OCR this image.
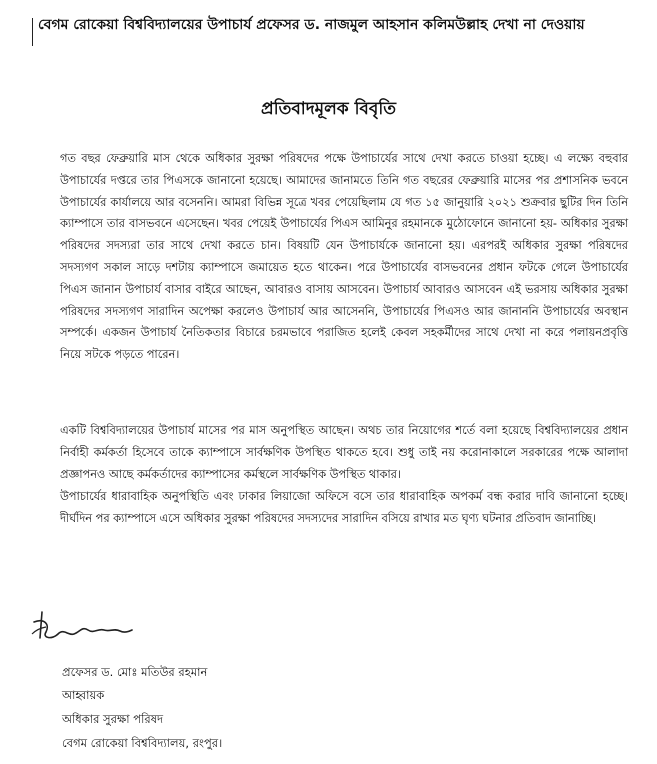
বেগম রোকেয়া বিশ্ববিদ্যালয়ের উপাচার্য প্রফেসর ড. নাজমুল আহসান কলিমউল্লাহ দেখা না দেওয়ায়
প্রতিবাদমূলক বিবৃতি

গত বছর ফেব্রুয়ারি মাস থেকে অধিকার সুরক্ষা পরিষদের পক্ষে উপাচার্যের সাথে দেখা করতে চাওয়া হচ্ছে। এ লক্ষ্যে বহুবার উপাচার্যের দপ্তরে তার পিএসকে জানানো হয়েছে। আমাদের জানামতে তিনি গত বছরের ফেব্রুয়ারি মাসের পর প্রশাসনিক ভবনে উপাচার্যের কার্যালয়ে আর বসেননি। আমরা বিভিন্ন সূত্রে খবর পেয়েছিলাম যে গত ১৫ জানুয়ারি ২০২১ শুক্রবার ছুটির দিন তিনি ক্যাম্পাসে তার বাসভবনে এসেছেন। খবর পেয়েই উপাচার্যের পিএস আমিনুর রহমানকে মুঠোফোনে জানানো হয়- অধিকার সুরক্ষা পরিষদের সদস্যরা তার সাথে দেখা করতে চান। বিষয়টি যেন উপাচার্যকে জানানো হয়। এরপরই অধিকার সুরক্ষা পরিষদের সদস্যগণ সকাল সাড়ে দশটায় ক্যাম্পাসে জমায়েত হতে থাকেন। পরে উপাচার্যের বাসভবনের প্রধান ফটকে গেলে উপাচার্যের পিএস জানান উপাচার্য বাসার বাইরে আছেন, আবারও বাসায় আসবেন। উপাচার্য আবারও আসবেন এই ভরসায় অধিকার সুরক্ষা পরিষদের সদস্যগণ সারাদিন অপেক্ষা করলেও উপাচার্য আর আসেননি, উপাচার্যের পিএসও আর জানাননি উপাচার্যের অবস্থান সম্পর্কে। একজন উপাচার্য নৈতিকতার বিচারে চরমভাবে পরাজিত হলেই কেবল সহকর্মীদের সাথে দেখা না করে পলায়নপ্রবৃত্তি নিয়ে সটকে পড়তে পারেন।

একটি বিশ্ববিদ্যালয়ের উপাচার্য মাসের পর মাস অনুপস্থিত আছেন। অথচ তার নিয়োগের শর্তে বলা হয়েছে বিশ্ববিদ্যালয়ের প্রধান নির্বাহী কর্মকর্তা হিসেবে তাকে ক্যাম্পাসে সার্বক্ষণিক উপস্থিত থাকতে হবে। শুধু তাই নয় করোনাকালে সরকারের পক্ষে আলাদা প্রজ্ঞাপনও আছে কর্মকর্তাদের ক্যাম্পাসের কর্মস্থলে সার্বক্ষণিক উপস্থিত থাকার।

উপাচার্যের ধারাবাহিক অনুপস্থিতি এবং ঢাকার লিয়াজো অফিসে বসে তার ধারাবাহিক অপকর্ম বন্ধ করার দাবি জানানো হচ্ছে। দীর্ঘদিন পর ক্যাম্পাসে এসে অধিকার সুরক্ষা পরিষদের সদস্যদের সারাদিন বসিয়ে রাখার মত ঘৃণ্য ঘটনার প্রতিবাদ জানাচ্ছি।

প্রফেসর ড. মোঃ মতিউর রহমান
আহ্বায়ক
অধিকার সুরক্ষা পরিষদ
বেগম রোকেয়া বিশ্ববিদ্যালয়, রংপুর।
